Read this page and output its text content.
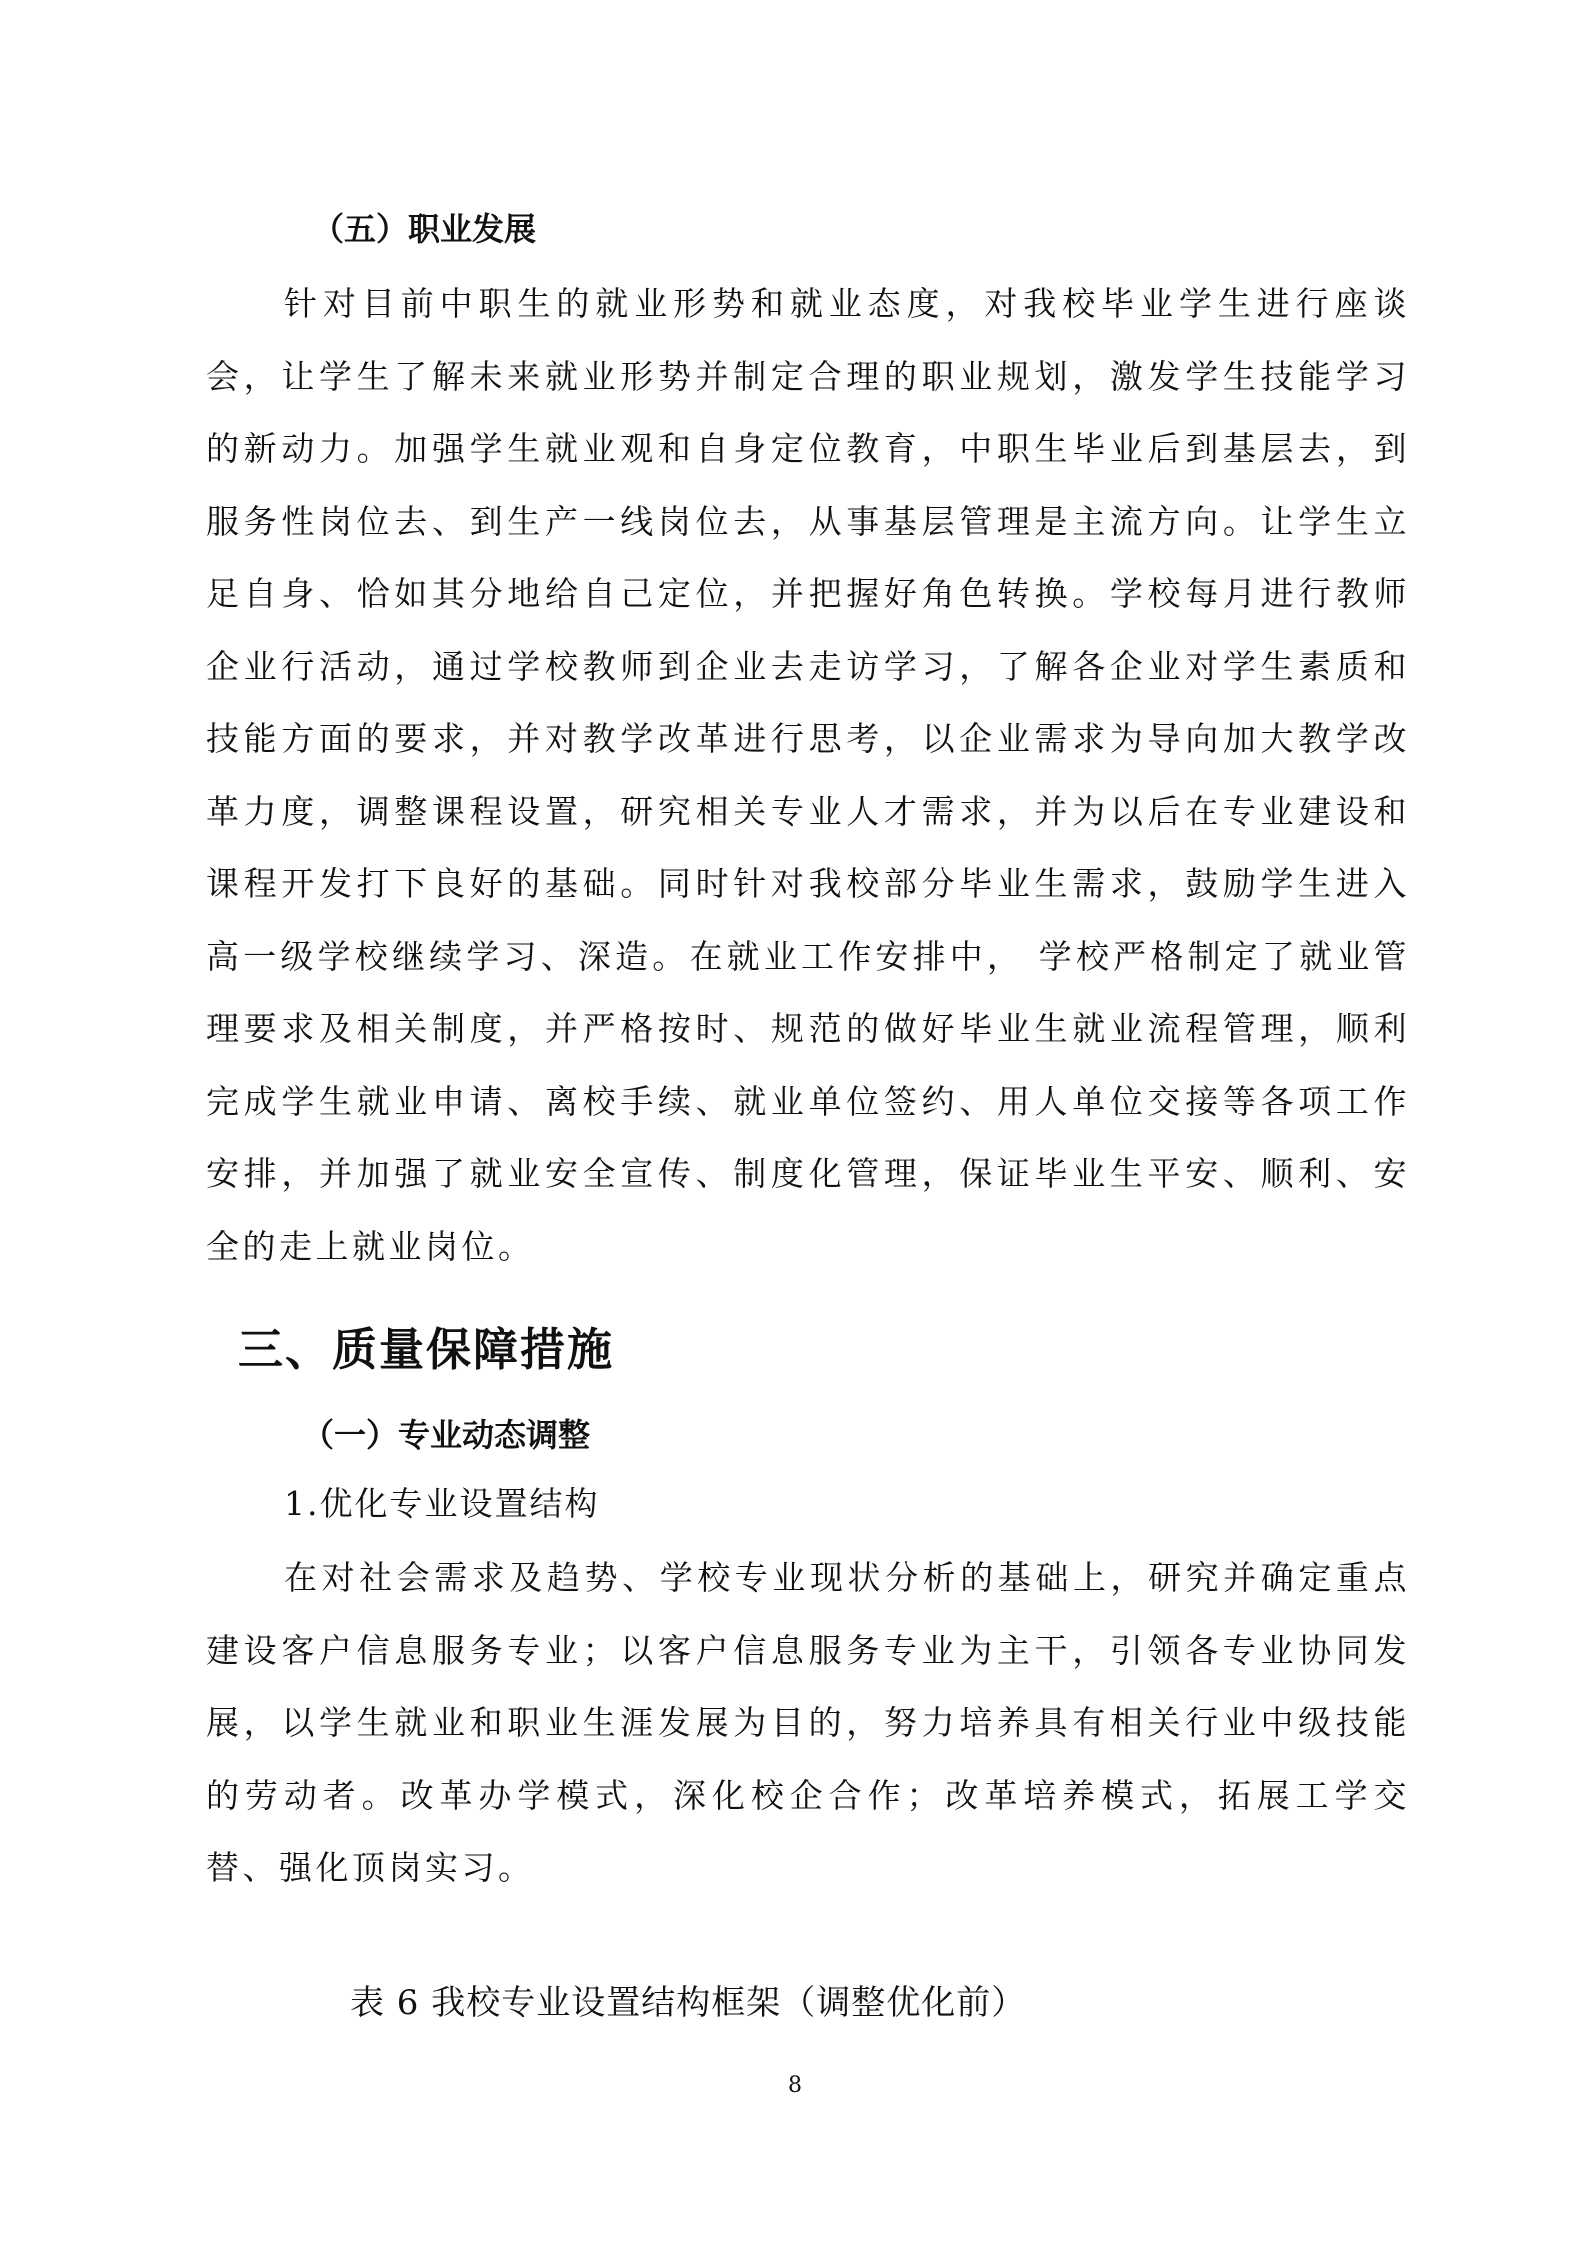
（五）职业发展

针对目前中职生的就业形势和就业态度，对我校毕业学生进行座谈会，让学生了解未来就业形势并制定合理的职业规划，激发学生技能学习的新动力。加强学生就业观和自身定位教育，中职生毕业后到基层去，到服务性岗位去、到生产一线岗位去，从事基层管理是主流方向。让学生立足自身、恰如其分地给自己定位，并把握好角色转换。学校每月进行教师企业行活动，通过学校教师到企业去走访学习，了解各企业对学生素质和技能方面的要求，并对教学改革进行思考，以企业需求为导向加大教学改革力度，调整课程设置，研究相关专业人才需求，并为以后在专业建设和课程开发打下良好的基础。同时针对我校部分毕业生需求，鼓励学生进入高一级学校继续学习、深造。在就业工作安排中， 学校严格制定了就业管理要求及相关制度，并严格按时、规范的做好毕业生就业流程管理，顺利完成学生就业申请、离校手续、就业单位签约、用人单位交接等各项工作安排，并加强了就业安全宣传、制度化管理，保证毕业生平安、顺利、安全的走上就业岗位。

三、质量保障措施

（一）专业动态调整

1.优化专业设置结构

在对社会需求及趋势、学校专业现状分析的基础上，研究并确定重点建设客户信息服务专业；以客户信息服务专业为主干，引领各专业协同发展，以学生就业和职业生涯发展为目的，努力培养具有相关行业中级技能的劳动者。改革办学模式，深化校企合作；改革培养模式，拓展工学交替、强化顶岗实习。

表 6 我校专业设置结构框架（调整优化前）

8
